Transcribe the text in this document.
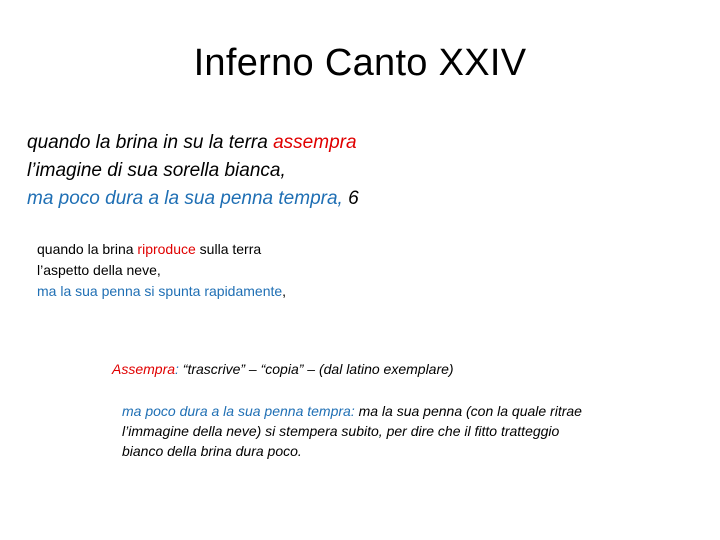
Inferno Canto XXIV
quando la brina in su la terra assempra
l’imagine di sua sorella bianca,
ma poco dura a la sua penna tempra, 6
quando la brina riproduce sulla terra
l’aspetto della neve,
ma la sua penna si spunta rapidamente,
Assempra: “trascrive” – “copia” – (dal latino exemplare)
ma poco dura a la sua penna tempra: ma la sua penna (con la quale ritrae
l’immagine della neve) si stempera subito, per dire che il fitto tratteggio
bianco della brina dura poco.
